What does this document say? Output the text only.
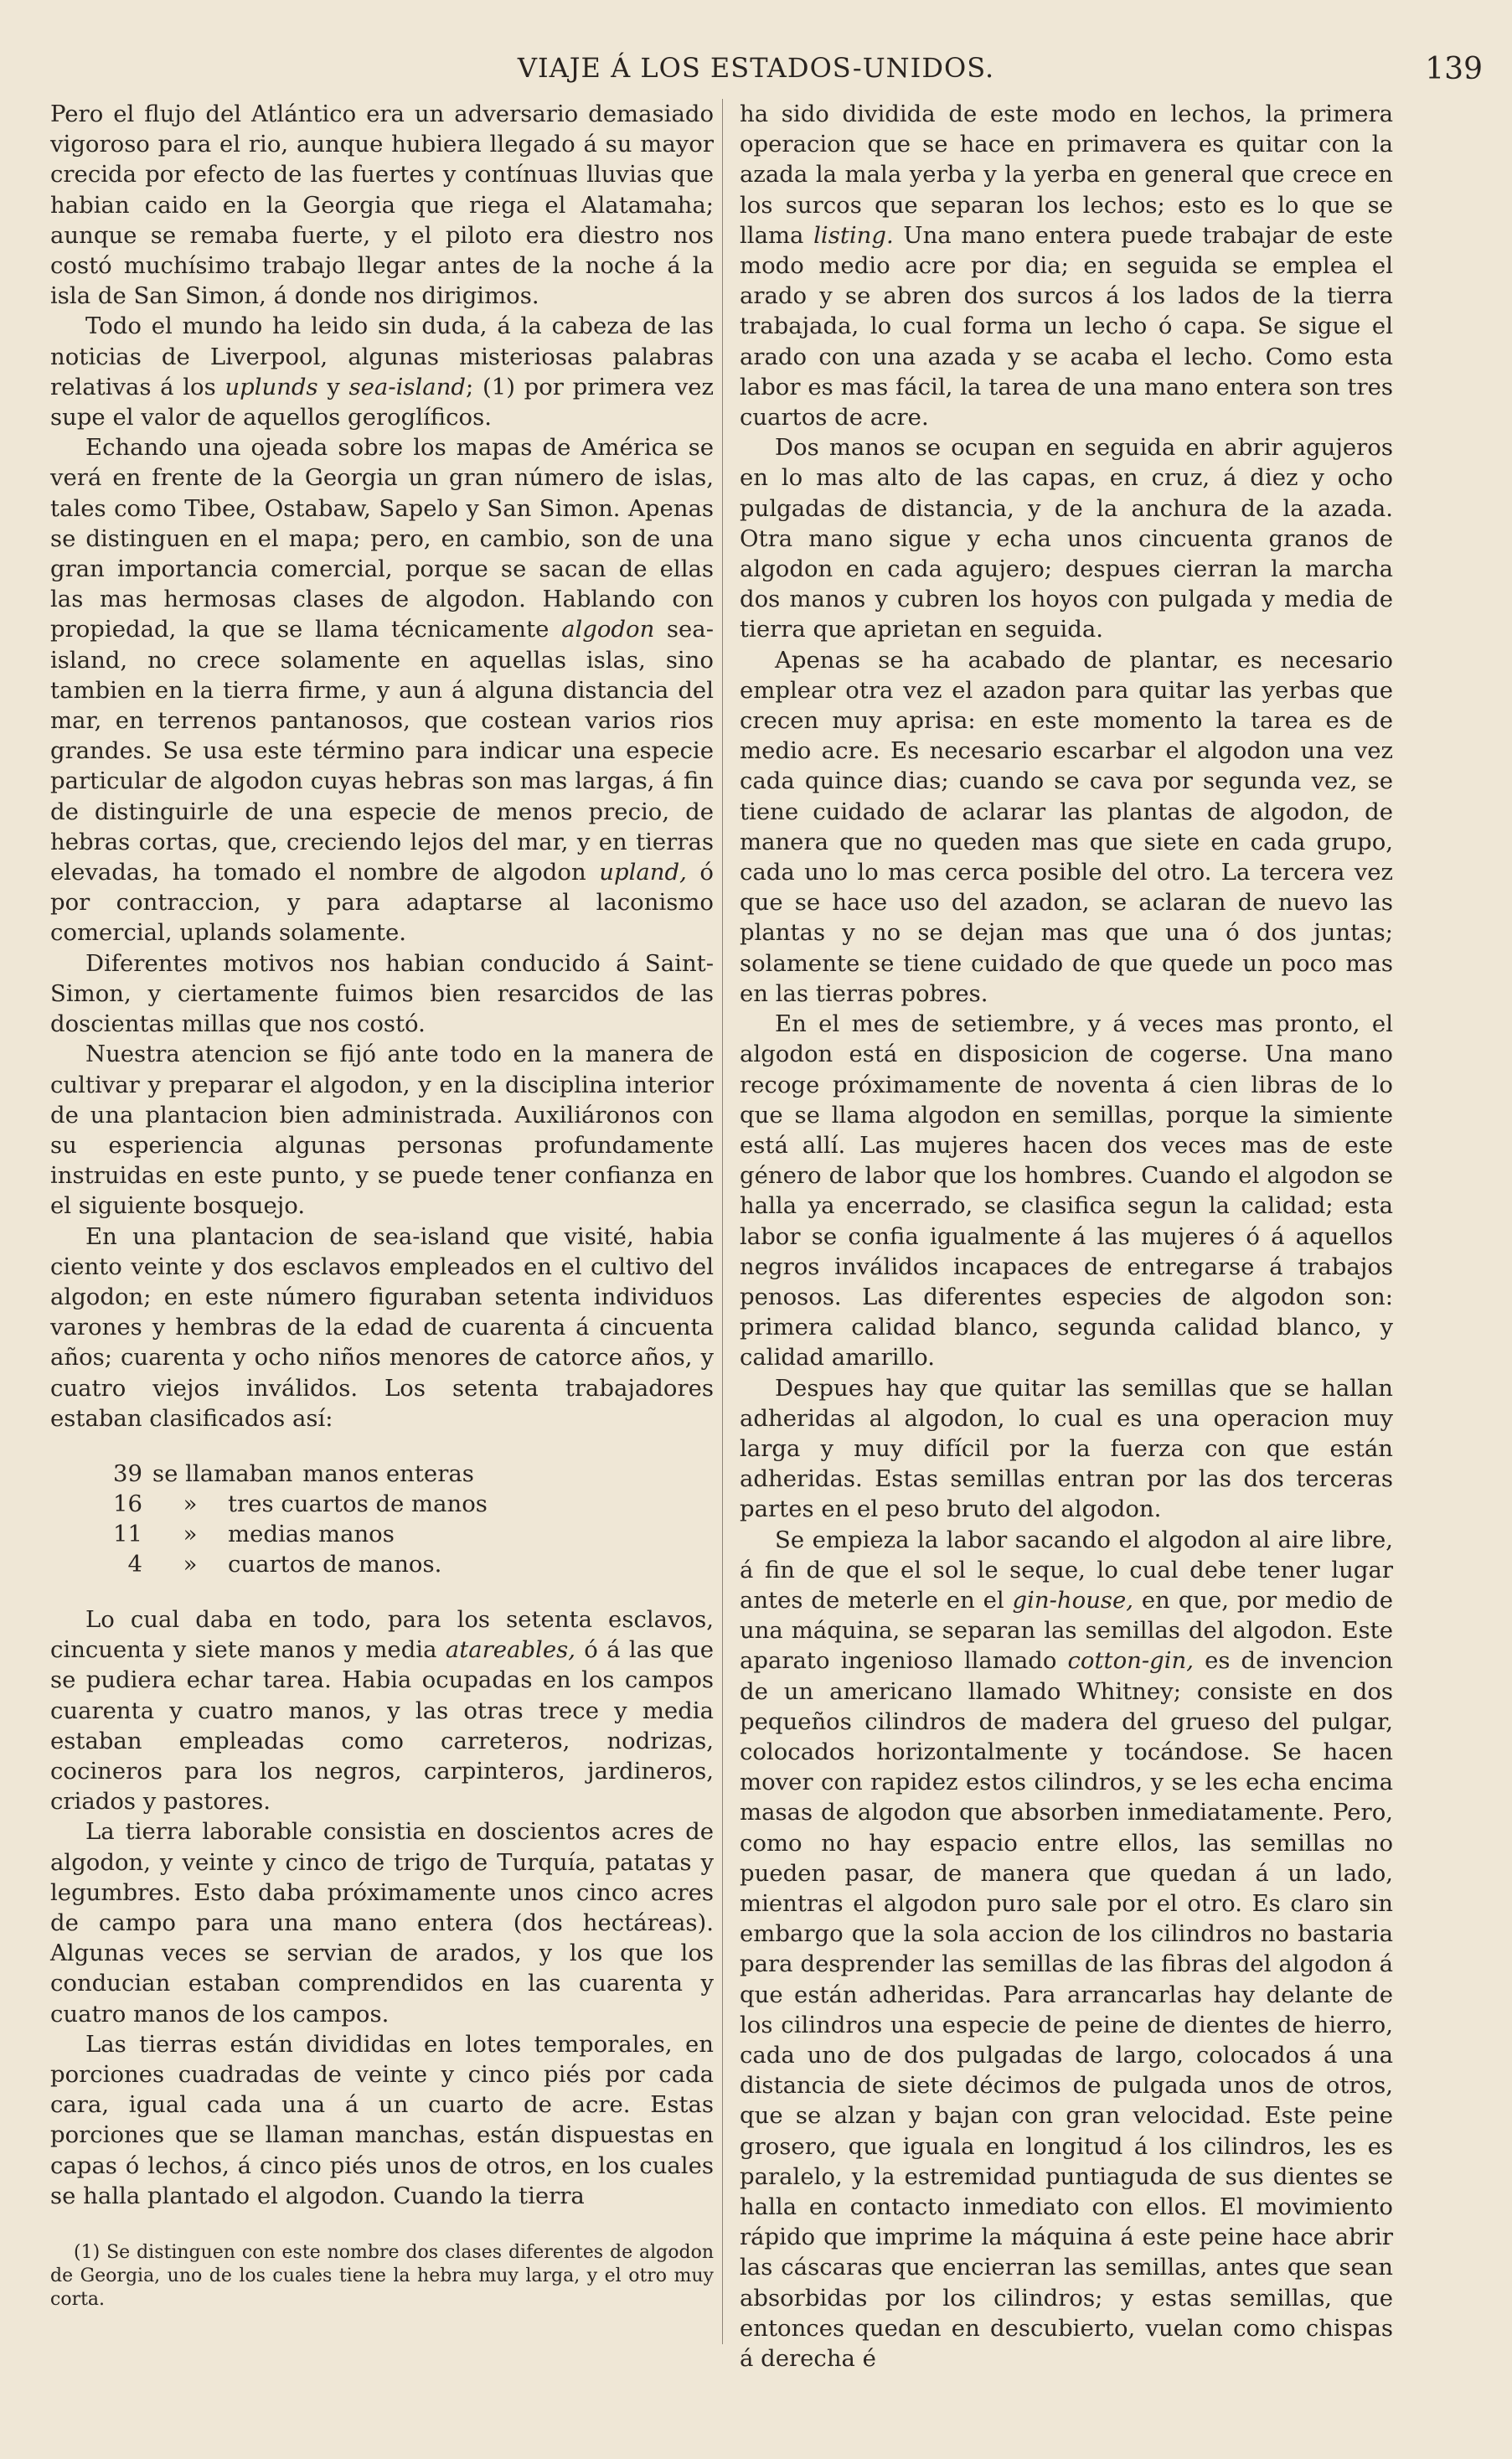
VIAJE Á LOS ESTADOS-UNIDOS.	139

Pero el flujo del Atlántico era un adversario demasiado vigoroso para el rio, aunque hubiera llegado á su mayor crecida por efecto de las fuertes y contínuas lluvias que habian caido en la Georgia que riega el Alatamaha; aunque se remaba fuerte, y el piloto era diestro nos costó muchísimo trabajo llegar antes de la noche á la isla de San Simon, á donde nos dirigimos.

Todo el mundo ha leido sin duda, á la cabeza de las noticias de Liverpool, algunas misteriosas palabras relativas á los uplunds y sea-island; (1) por primera vez supe el valor de aquellos geroglíficos.

Echando una ojeada sobre los mapas de América se verá en frente de la Georgia un gran número de islas, tales como Tibee, Ostabaw, Sapelo y San Simon. Apenas se distinguen en el mapa; pero, en cambio, son de una gran importancia comercial, porque se sacan de ellas las mas hermosas clases de algodon. Hablando con propiedad, la que se llama técnicamente algodon sea-island, no crece solamente en aquellas islas, sino tambien en la tierra firme, y aun á alguna distancia del mar, en terrenos pantanosos, que costean varios rios grandes. Se usa este término para indicar una especie particular de algodon cuyas hebras son mas largas, á fin de distinguirle de una especie de menos precio, de hebras cortas, que, creciendo lejos del mar, y en tierras elevadas, ha tomado el nombre de algodon upland, ó por contraccion, y para adaptarse al laconismo comercial, uplands solamente.

Diferentes motivos nos habian conducido á Saint-Simon, y ciertamente fuimos bien resarcidos de las doscientas millas que nos costó.

Nuestra atencion se fijó ante todo en la manera de cultivar y preparar el algodon, y en la disciplina interior de una plantacion bien administrada. Auxiliáronos con su esperiencia algunas personas profundamente instruidas en este punto, y se puede tener confianza en el siguiente bosquejo.

En una plantacion de sea-island que visité, habia ciento veinte y dos esclavos empleados en el cultivo del algodon; en este número figuraban setenta individuos varones y hembras de la edad de cuarenta á cincuenta años; cuarenta y ocho niños menores de catorce años, y cuatro viejos inválidos. Los setenta trabajadores estaban clasificados así:

39 se llamaban manos enteras
16	»	tres cuartos de manos
11	»	medias manos
4	»	cuartos de manos.

Lo cual daba en todo, para los setenta esclavos, cincuenta y siete manos y media atareables, ó á las que se pudiera echar tarea. Habia ocupadas en los campos cuarenta y cuatro manos, y las otras trece y media estaban empleadas como carreteros, nodrizas, cocineros para los negros, carpinteros, jardineros, criados y pastores.

La tierra laborable consistia en doscientos acres de algodon, y veinte y cinco de trigo de Turquía, patatas y legumbres. Esto daba próximamente unos cinco acres de campo para una mano entera (dos hectáreas). Algunas veces se servian de arados, y los que los conducian estaban comprendidos en las cuarenta y cuatro manos de los campos.

Las tierras están divididas en lotes temporales, en porciones cuadradas de veinte y cinco piés por cada cara, igual cada una á un cuarto de acre. Estas porciones que se llaman manchas, están dispuestas en capas ó lechos, á cinco piés unos de otros, en los cuales se halla plantado el algodon. Cuando la tierra

(1) Se distinguen con este nombre dos clases diferentes de algodon de Georgia, uno de los cuales tiene la hebra muy larga, y el otro muy corta.

ha sido dividida de este modo en lechos, la primera operacion que se hace en primavera es quitar con la azada la mala yerba y la yerba en general que crece en los surcos que separan los lechos; esto es lo que se llama listing. Una mano entera puede trabajar de este modo medio acre por dia; en seguida se emplea el arado y se abren dos surcos á los lados de la tierra trabajada, lo cual forma un lecho ó capa. Se sigue el arado con una azada y se acaba el lecho. Como esta labor es mas fácil, la tarea de una mano entera son tres cuartos de acre.

Dos manos se ocupan en seguida en abrir agujeros en lo mas alto de las capas, en cruz, á diez y ocho pulgadas de distancia, y de la anchura de la azada. Otra mano sigue y echa unos cincuenta granos de algodon en cada agujero; despues cierran la marcha dos manos y cubren los hoyos con pulgada y media de tierra que aprietan en seguida.

Apenas se ha acabado de plantar, es necesario emplear otra vez el azadon para quitar las yerbas que crecen muy aprisa: en este momento la tarea es de medio acre. Es necesario escarbar el algodon una vez cada quince dias; cuando se cava por segunda vez, se tiene cuidado de aclarar las plantas de algodon, de manera que no queden mas que siete en cada grupo, cada uno lo mas cerca posible del otro. La tercera vez que se hace uso del azadon, se aclaran de nuevo las plantas y no se dejan mas que una ó dos juntas; solamente se tiene cuidado de que quede un poco mas en las tierras pobres.

En el mes de setiembre, y á veces mas pronto, el algodon está en disposicion de cogerse. Una mano recoge próximamente de noventa á cien libras de lo que se llama algodon en semillas, porque la simiente está allí. Las mujeres hacen dos veces mas de este género de labor que los hombres. Cuando el algodon se halla ya encerrado, se clasifica segun la calidad; esta labor se confia igualmente á las mujeres ó á aquellos negros inválidos incapaces de entregarse á trabajos penosos. Las diferentes especies de algodon son: primera calidad blanco, segunda calidad blanco, y calidad amarillo.

Despues hay que quitar las semillas que se hallan adheridas al algodon, lo cual es una operacion muy larga y muy difícil por la fuerza con que están adheridas. Estas semillas entran por las dos terceras partes en el peso bruto del algodon.

Se empieza la labor sacando el algodon al aire libre, á fin de que el sol le seque, lo cual debe tener lugar antes de meterle en el gin-house, en que, por medio de una máquina, se separan las semillas del algodon. Este aparato ingenioso llamado cotton-gin, es de invencion de un americano llamado Whitney; consiste en dos pequeños cilindros de madera del grueso del pulgar, colocados horizontalmente y tocándose. Se hacen mover con rapidez estos cilindros, y se les echa encima masas de algodon que absorben inmediatamente. Pero, como no hay espacio entre ellos, las semillas no pueden pasar, de manera que quedan á un lado, mientras el algodon puro sale por el otro. Es claro sin embargo que la sola accion de los cilindros no bastaria para desprender las semillas de las fibras del algodon á que están adheridas. Para arrancarlas hay delante de los cilindros una especie de peine de dientes de hierro, cada uno de dos pulgadas de largo, colocados á una distancia de siete décimos de pulgada unos de otros, que se alzan y bajan con gran velocidad. Este peine grosero, que iguala en longitud á los cilindros, les es paralelo, y la estremidad puntiaguda de sus dientes se halla en contacto inmediato con ellos. El movimiento rápido que imprime la máquina á este peine hace abrir las cáscaras que encierran las semillas, antes que sean absorbidas por los cilindros; y estas semillas, que entonces quedan en descubierto, vuelan como chispas á derecha é
